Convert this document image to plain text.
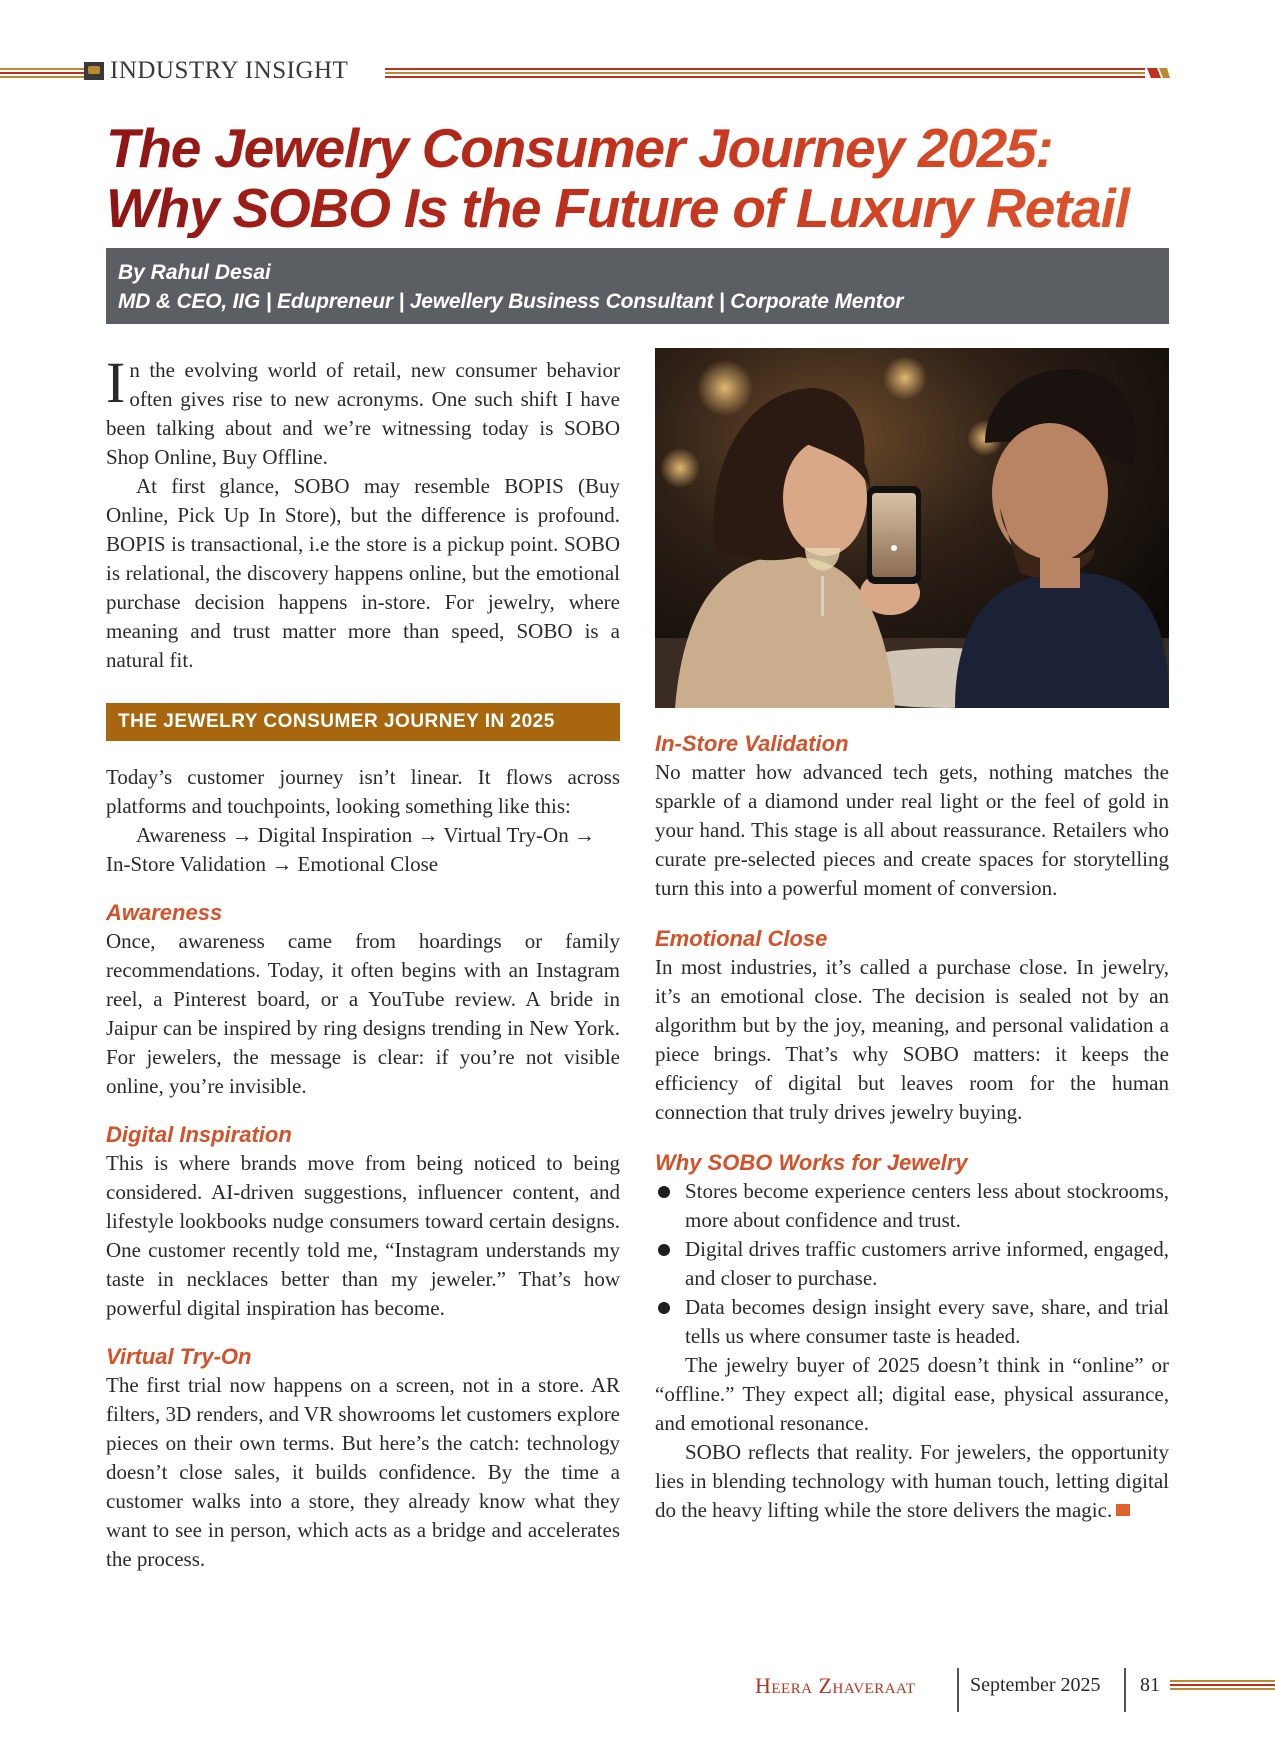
INDUSTRY INSIGHT
The Jewelry Consumer Journey 2025:
Why SOBO Is the Future of Luxury Retail
By Rahul Desai
MD & CEO, IIG | Edupreneur | Jewellery Business Consultant | Corporate Mentor

In the evolving world of retail, new consumer behavior often gives rise to new acronyms. One such shift I have been talking about and we’re witnessing today is SOBO Shop Online, Buy Offline.

At first glance, SOBO may resemble BOPIS (Buy Online, Pick Up In Store), but the difference is profound. BOPIS is transactional, i.e the store is a pickup point. SOBO is relational, the discovery happens online, but the emotional purchase decision happens in-store. For jewelry, where meaning and trust matter more than speed, SOBO is a natural fit.

THE JEWELRY CONSUMER JOURNEY IN 2025

Today’s customer journey isn’t linear. It flows across platforms and touchpoints, looking something like this:

Awareness → Digital Inspiration → Virtual Try-On → In-Store Validation → Emotional Close

Awareness

Once, awareness came from hoardings or family recommendations. Today, it often begins with an Instagram reel, a Pinterest board, or a YouTube review. A bride in Jaipur can be inspired by ring designs trending in New York. For jewelers, the message is clear: if you’re not visible online, you’re invisible.

Digital Inspiration

This is where brands move from being noticed to being considered. AI-driven suggestions, influencer content, and lifestyle lookbooks nudge consumers toward certain designs. One customer recently told me, “Instagram understands my taste in necklaces better than my jeweler.” That’s how powerful digital inspiration has become.

Virtual Try-On

The first trial now happens on a screen, not in a store. AR filters, 3D renders, and VR showrooms let customers explore pieces on their own terms. But here’s the catch: technology doesn’t close sales, it builds confidence. By the time a customer walks into a store, they already know what they want to see in person, which acts as a bridge and accelerates the process.

In-Store Validation

No matter how advanced tech gets, nothing matches the sparkle of a diamond under real light or the feel of gold in your hand. This stage is all about reassurance. Retailers who curate pre-selected pieces and create spaces for storytelling turn this into a powerful moment of conversion.

Emotional Close

In most industries, it’s called a purchase close. In jewelry, it’s an emotional close. The decision is sealed not by an algorithm but by the joy, meaning, and personal validation a piece brings. That’s why SOBO matters: it keeps the efficiency of digital but leaves room for the human connection that truly drives jewelry buying.

Why SOBO Works for Jewelry
Stores become experience centers less about stockrooms, more about confidence and trust.
Digital drives traffic customers arrive informed, engaged, and closer to purchase.
Data becomes design insight every save, share, and trial tells us where consumer taste is headed.

The jewelry buyer of 2025 doesn’t think in “online” or “offline.” They expect all; digital ease, physical assurance, and emotional resonance.

SOBO reflects that reality. For jewelers, the opportunity lies in blending technology with human touch, letting digital do the heavy lifting while the store delivers the magic.

Heera Zhaveraat	September 2025 81
